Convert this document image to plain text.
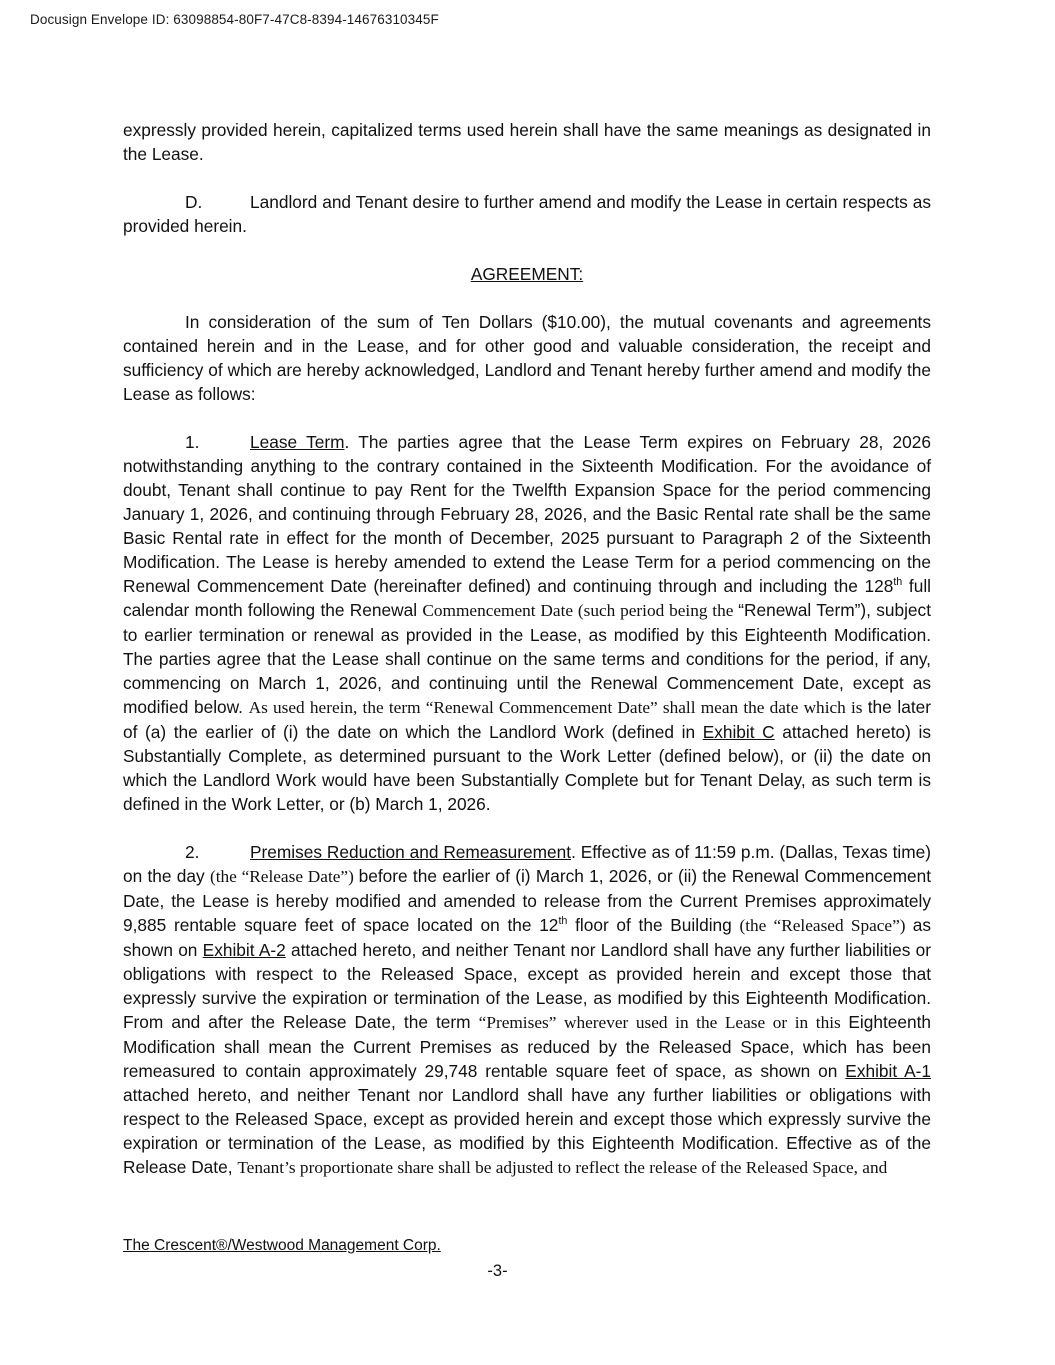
Docusign Envelope ID: 63098854-80F7-47C8-8394-14676310345F

expressly provided herein, capitalized terms used herein shall have the same meanings as designated in the Lease.

D.	Landlord and Tenant desire to further amend and modify the Lease in certain respects as provided herein.

AGREEMENT:

In consideration of the sum of Ten Dollars ($10.00), the mutual covenants and agreements contained herein and in the Lease, and for other good and valuable consideration, the receipt and sufficiency of which are hereby acknowledged, Landlord and Tenant hereby further amend and modify the Lease as follows:

1.	Lease Term. The parties agree that the Lease Term expires on February 28, 2026 notwithstanding anything to the contrary contained in the Sixteenth Modification. For the avoidance of doubt, Tenant shall continue to pay Rent for the Twelfth Expansion Space for the period commencing January 1, 2026, and continuing through February 28, 2026, and the Basic Rental rate shall be the same Basic Rental rate in effect for the month of December, 2025 pursuant to Paragraph 2 of the Sixteenth Modification. The Lease is hereby amended to extend the Lease Term for a period commencing on the Renewal Commencement Date (hereinafter defined) and continuing through and including the 128th full calendar month following the Renewal Commencement Date (such period being the “Renewal Term”), subject to earlier termination or renewal as provided in the Lease, as modified by this Eighteenth Modification. The parties agree that the Lease shall continue on the same terms and conditions for the period, if any, commencing on March 1, 2026, and continuing until the Renewal Commencement Date, except as modified below. As used herein, the term “Renewal Commencement Date” shall mean the date which is the later of (a) the earlier of (i) the date on which the Landlord Work (defined in Exhibit C attached hereto) is Substantially Complete, as determined pursuant to the Work Letter (defined below), or (ii) the date on which the Landlord Work would have been Substantially Complete but for Tenant Delay, as such term is defined in the Work Letter, or (b) March 1, 2026.

2.	Premises Reduction and Remeasurement. Effective as of 11:59 p.m. (Dallas, Texas time) on the day (the “Release Date”) before the earlier of (i) March 1, 2026, or (ii) the Renewal Commencement Date, the Lease is hereby modified and amended to release from the Current Premises approximately 9,885 rentable square feet of space located on the 12th floor of the Building (the “Released Space”) as shown on Exhibit A-2 attached hereto, and neither Tenant nor Landlord shall have any further liabilities or obligations with respect to the Released Space, except as provided herein and except those that expressly survive the expiration or termination of the Lease, as modified by this Eighteenth Modification. From and after the Release Date, the term “Premises” wherever used in the Lease or in this Eighteenth Modification shall mean the Current Premises as reduced by the Released Space, which has been remeasured to contain approximately 29,748 rentable square feet of space, as shown on Exhibit A-1 attached hereto, and neither Tenant nor Landlord shall have any further liabilities or obligations with respect to the Released Space, except as provided herein and except those which expressly survive the expiration or termination of the Lease, as modified by this Eighteenth Modification. Effective as of the Release Date, Tenant’s proportionate share shall be adjusted to reflect the release of the Released Space, and

The Crescent®/Westwood Management Corp.
-3-
